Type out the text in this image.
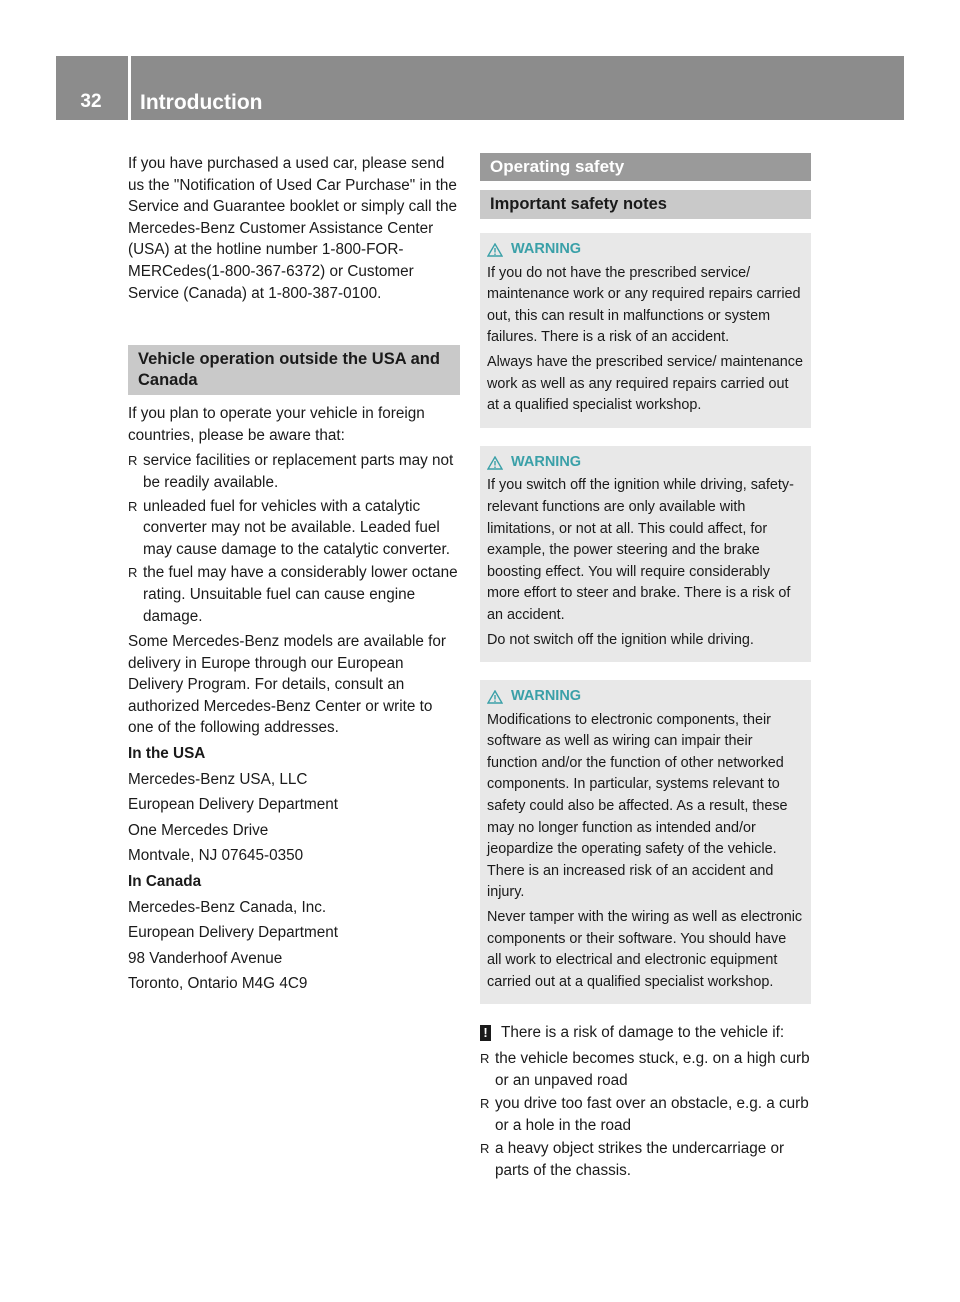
32	Introduction

If you have purchased a used car, please send us the "Notification of Used Car Purchase" in the Service and Guarantee booklet or simply call the Mercedes-Benz Customer Assistance Center (USA) at the hotline number 1-800-FOR-MERCedes(1-800-367-6372) or Customer Service (Canada) at 1-800-387-0100.

Vehicle operation outside the USA and Canada

If you plan to operate your vehicle in foreign countries, please be aware that:

R service facilities or replacement parts may not be readily available.
R unleaded fuel for vehicles with a catalytic converter may not be available. Leaded fuel may cause damage to the catalytic converter.
R the fuel may have a considerably lower octane rating. Unsuitable fuel can cause engine damage.

Some Mercedes-Benz models are available for delivery in Europe through our European Delivery Program. For details, consult an authorized Mercedes-Benz Center or write to one of the following addresses.

In the USA

Mercedes-Benz USA, LLC

European Delivery Department

One Mercedes Drive

Montvale, NJ 07645-0350

In Canada

Mercedes-Benz Canada, Inc.

European Delivery Department

98 Vanderhoof Avenue

Toronto, Ontario M4G 4C9

Operating safety
Important safety notes
WARNING

If you do not have the prescribed service/ maintenance work or any required repairs carried out, this can result in malfunctions or system failures. There is a risk of an accident.

Always have the prescribed service/ maintenance work as well as any required repairs carried out at a qualified specialist workshop.

WARNING

If you switch off the ignition while driving, safety-relevant functions are only available with limitations, or not at all. This could affect, for example, the power steering and the brake boosting effect. You will require considerably more effort to steer and brake. There is a risk of an accident.

Do not switch off the ignition while driving.

WARNING

Modifications to electronic components, their software as well as wiring can impair their function and/or the function of other networked components. In particular, systems relevant to safety could also be affected. As a result, these may no longer function as intended and/or jeopardize the operating safety of the vehicle. There is an increased risk of an accident and injury.

Never tamper with the wiring as well as electronic components or their software. You should have all work to electrical and electronic equipment carried out at a qualified specialist workshop.

! There is a risk of damage to the vehicle if:
R the vehicle becomes stuck, e.g. on a high curb or an unpaved road
R you drive too fast over an obstacle, e.g. a curb or a hole in the road
R a heavy object strikes the undercarriage or parts of the chassis.
